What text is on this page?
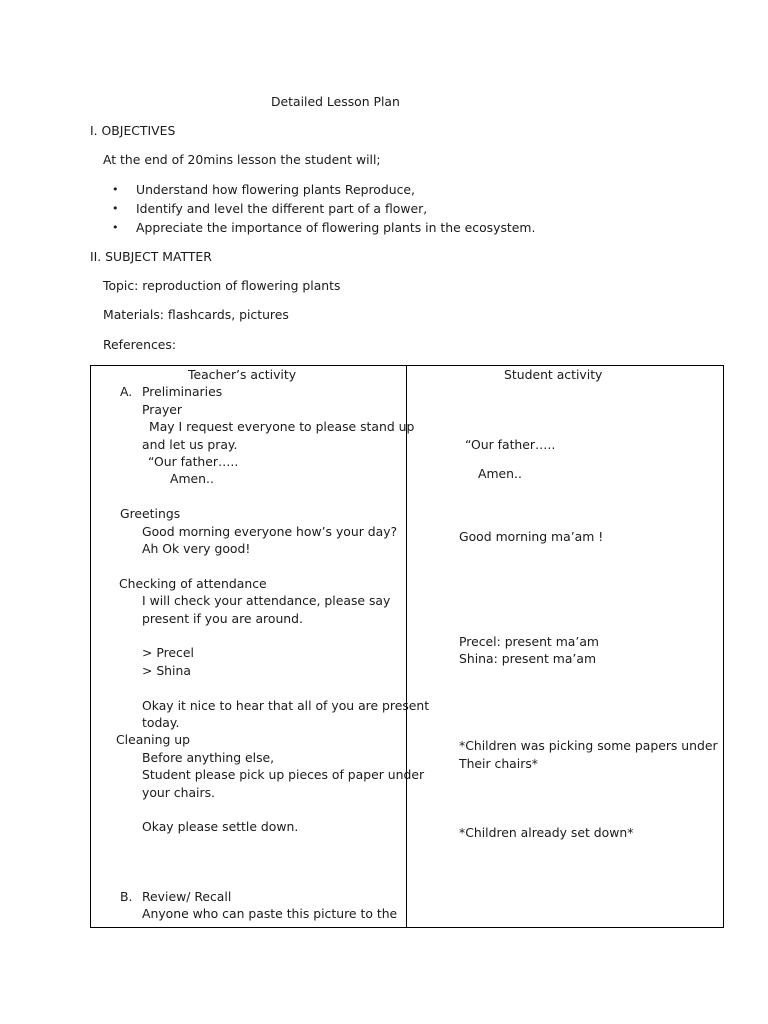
Detailed Lesson Plan
I. OBJECTIVES
At the end of 20mins lesson the student will;
• Understand how flowering plants Reproduce,
• Identify and level the different part of a flower,
• Appreciate the importance of flowering plants in the ecosystem.
II. SUBJECT MATTER
Topic: reproduction of flowering plants
Materials: flashcards, pictures
References:
Teacher’s activity	Student activity
A. Preliminaries
Prayer
May I request everyone to please stand up
and let us pray.
“Our father…..
Amen..
Greetings
Good morning everyone how’s your day?
Ah Ok very good!
Checking of attendance
I will check your attendance, please say
present if you are around.
> Precel
> Shina
Okay it nice to hear that all of you are present
today.
Cleaning up
Before anything else,
Student please pick up pieces of paper under
your chairs.
Okay please settle down.
B. Review/ Recall
Anyone who can paste this picture to the
“Our father…..
Amen..
Good morning ma’am !
Precel: present ma’am
Shina: present ma’am
*Children was picking some papers under
Their chairs*
*Children already set down*
